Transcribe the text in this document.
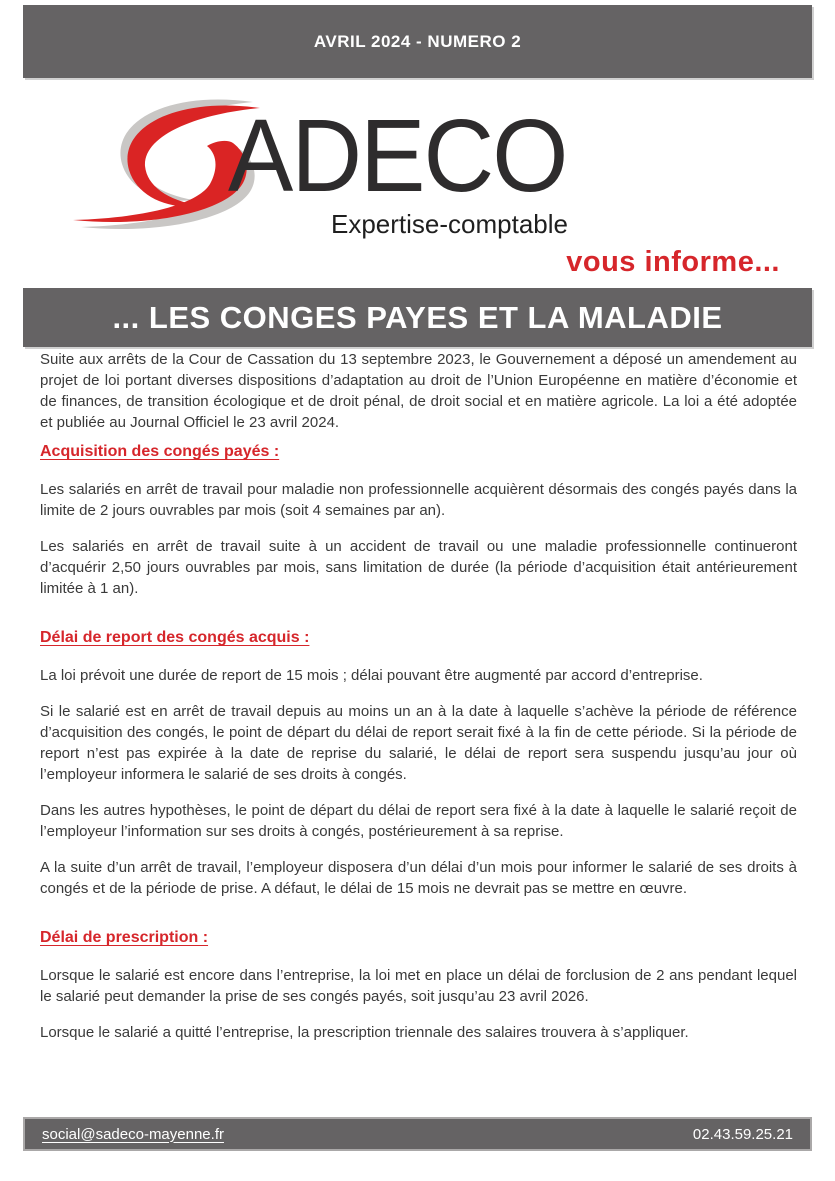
AVRIL 2024 - NUMERO 2
ADECO
Expertise-comptable
vous informe...
... LES CONGES PAYES ET LA MALADIE

Suite aux arrêts de la Cour de Cassation du 13 septembre 2023, le Gouvernement a déposé un amendement au projet de loi portant diverses dispositions d’adaptation au droit de l’Union Européenne en matière d’économie et de finances, de transition écologique et de droit pénal, de droit social et en matière agricole. La loi a été adoptée et publiée au Journal Officiel le 23 avril 2024.

Acquisition des congés payés :

Les salariés en arrêt de travail pour maladie non professionnelle acquièrent désormais des congés payés dans la limite de 2 jours ouvrables par mois (soit 4 semaines par an).

Les salariés en arrêt de travail suite à un accident de travail ou une maladie professionnelle continueront d’acquérir 2,50 jours ouvrables par mois, sans limitation de durée (la période d’acquisition était antérieurement limitée à 1 an).

Délai de report des congés acquis :

La loi prévoit une durée de report de 15 mois ; délai pouvant être augmenté par accord d’entreprise.

Si le salarié est en arrêt de travail depuis au moins un an à la date à laquelle s’achève la période de référence d’acquisition des congés, le point de départ du délai de report serait fixé à la fin de cette période. Si la période de report n’est pas expirée à la date de reprise du salarié, le délai de report sera suspendu jusqu’au jour où l’employeur informera le salarié de ses droits à congés.

Dans les autres hypothèses, le point de départ du délai de report sera fixé à la date à laquelle le salarié reçoit de l’employeur l’information sur ses droits à congés, postérieurement à sa reprise.

A la suite d’un arrêt de travail, l’employeur disposera d’un délai d’un mois pour informer le salarié de ses droits à congés et de la période de prise. A défaut, le délai de 15 mois ne devrait pas se mettre en œuvre.

Délai de prescription :

Lorsque le salarié est encore dans l’entreprise, la loi met en place un délai de forclusion de 2 ans pendant lequel le salarié peut demander la prise de ses congés payés, soit jusqu’au 23 avril 2026.

Lorsque le salarié a quitté l’entreprise, la prescription triennale des salaires trouvera à s’appliquer.

social@sadeco-mayenne.fr	02.43.59.25.21
